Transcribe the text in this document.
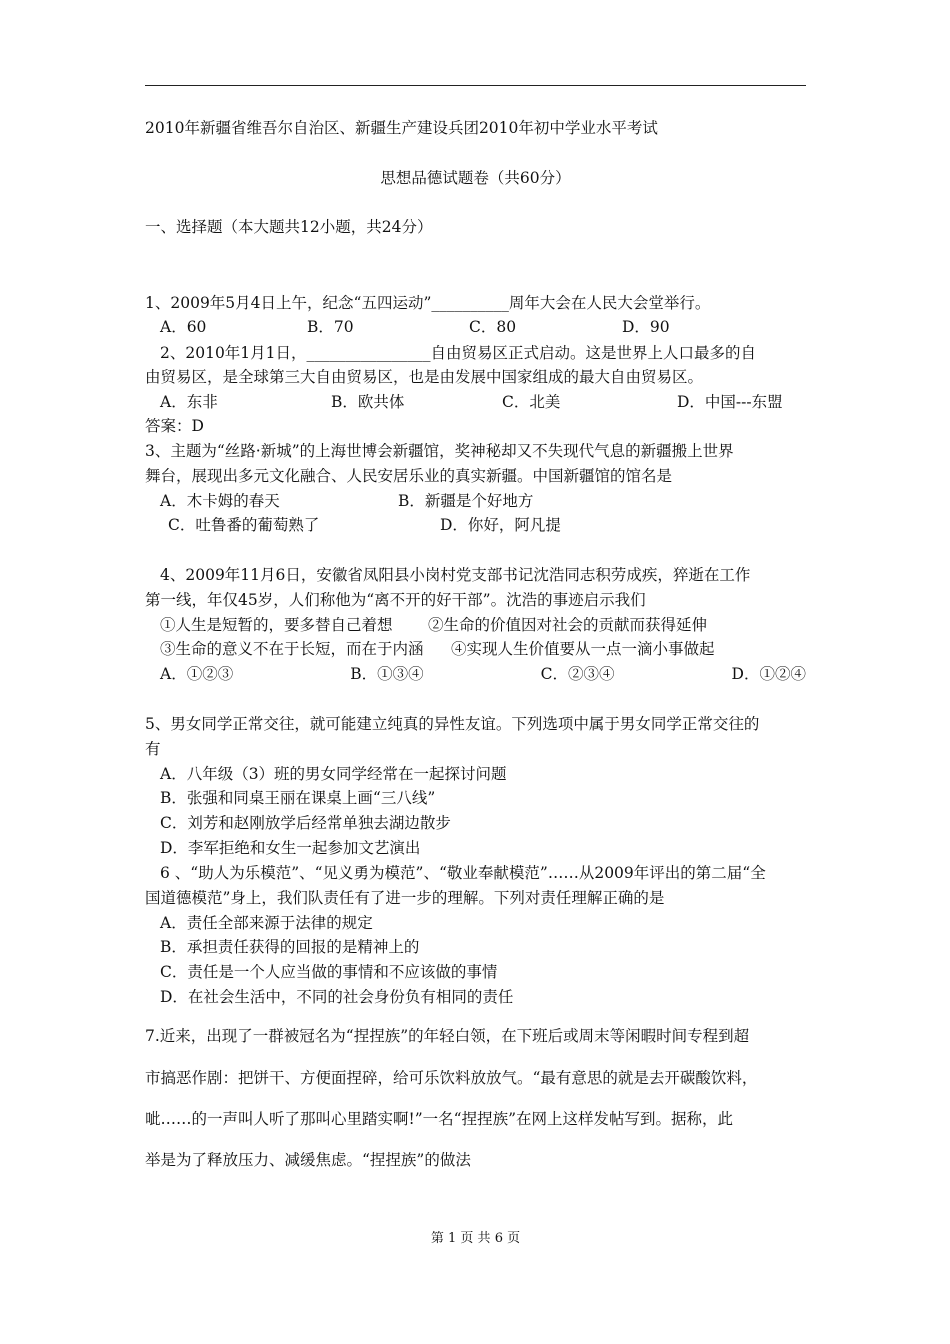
2010年新疆省维吾尔自治区、新疆生产建设兵团2010年初中学业水平考试
思想品德试题卷（共60分）
一、选择题（本大题共12小题，共24分）
1、2009年5月4日上午，纪念“五四运动”__________周年大会在人民大会堂举行。
A．60	B．70	C．80	D．90
2、2010年1月1日，________________自由贸易区正式启动。这是世界上人口最多的自
由贸易区，是全球第三大自由贸易区，也是由发展中国家组成的最大自由贸易区。
A．东非	B．欧共体	C．北美	D．中国---东盟
答案：D
3、主题为“丝路·新城”的上海世博会新疆馆，奖神秘却又不失现代气息的新疆搬上世界
舞台，展现出多元文化融合、人民安居乐业的真实新疆。中国新疆馆的馆名是
A．木卡姆的春天	B．新疆是个好地方
C．吐鲁番的葡萄熟了	D．你好，阿凡提
4、2009年11月6日，安徽省凤阳县小岗村党支部书记沈浩同志积劳成疾，猝逝在工作
第一线，年仅45岁，人们称他为“离不开的好干部”。沈浩的事迹启示我们
①人生是短暂的，要多替自己着想	②生命的价值因对社会的贡献而获得延伸
③生命的意义不在于长短，而在于内涵	④实现人生价值要从一点一滴小事做起
A．①②③	B．①③④	C．②③④	D．①②④
5、男女同学正常交往，就可能建立纯真的异性友谊。下列选项中属于男女同学正常交往的
有
A．八年级（3）班的男女同学经常在一起探讨问题
B．张强和同桌王丽在课桌上画“三八线”
C．刘芳和赵刚放学后经常单独去湖边散步
D．李军拒绝和女生一起参加文艺演出
6 、“助人为乐模范”、“见义勇为模范”、“敬业奉献模范”……从2009年评出的第二届“全
国道德模范”身上，我们队责任有了进一步的理解。下列对责任理解正确的是
A．责任全部来源于法律的规定
B．承担责任获得的回报的是精神上的
C．责任是一个人应当做的事情和不应该做的事情
D．在社会生活中，不同的社会身份负有相同的责任
7.近来，出现了一群被冠名为“捏捏族”的年轻白领，在下班后或周末等闲暇时间专程到超
市搞恶作剧：把饼干、方便面捏碎，给可乐饮料放放气。“最有意思的就是去开碳酸饮料，
呲……的一声叫人听了那叫心里踏实啊!”一名“捏捏族”在网上这样发帖写到。据称，此
举是为了释放压力、减缓焦虑。“捏捏族”的做法
第 1 页 共 6 页
